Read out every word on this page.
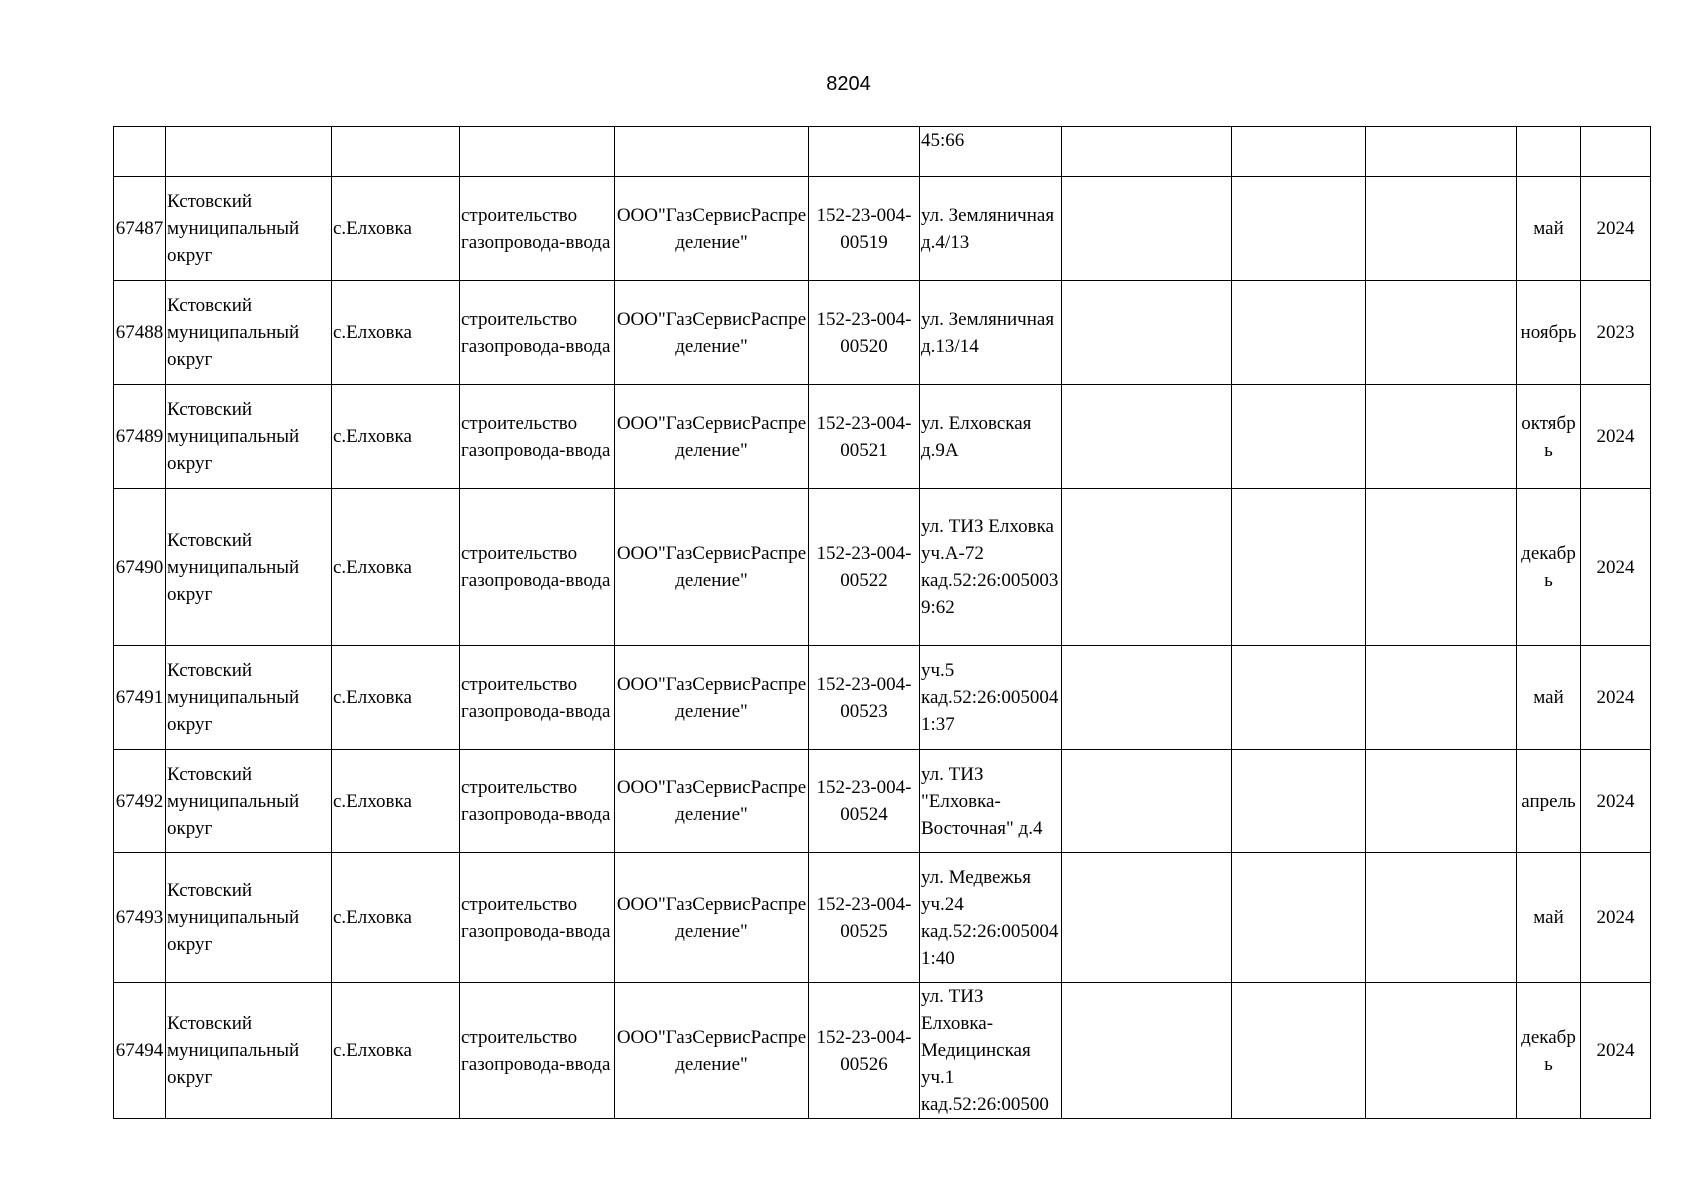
8204
						45:66					
67487	Кстовский муниципальный округ	с.Елховка	строительство газопровода-ввода	ООО"ГазСервисРаспределение"	152-23-004-00519	ул. Земляничная д.4/13				май	2024
67488	Кстовский муниципальный округ	с.Елховка	строительство газопровода-ввода	ООО"ГазСервисРаспределение"	152-23-004-00520	ул. Земляничная д.13/14				ноябрь	2023
67489	Кстовский муниципальный округ	с.Елховка	строительство газопровода-ввода	ООО"ГазСервисРаспределение"	152-23-004-00521	ул. Елховская д.9А				октябрь	2024
67490	Кстовский муниципальный округ	с.Елховка	строительство газопровода-ввода	ООО"ГазСервисРаспределение"	152-23-004-00522	ул. ТИЗ Елховка уч.А-72 кад.52:26:0050039:62				декабрь	2024
67491	Кстовский муниципальный округ	с.Елховка	строительство газопровода-ввода	ООО"ГазСервисРаспределение"	152-23-004-00523	уч.5 кад.52:26:0050041:37				май	2024
67492	Кстовский муниципальный округ	с.Елховка	строительство газопровода-ввода	ООО"ГазСервисРаспределение"	152-23-004-00524	ул. ТИЗ "Елховка-Восточная" д.4				апрель	2024
67493	Кстовский муниципальный округ	с.Елховка	строительство газопровода-ввода	ООО"ГазСервисРаспределение"	152-23-004-00525	ул. Медвежья уч.24 кад.52:26:0050041:40				май	2024
67494	Кстовский муниципальный округ	с.Елховка	строительство газопровода-ввода	ООО"ГазСервисРаспределение"	152-23-004-00526	ул. ТИЗ Елховка-Медицинская уч.1 кад.52:26:00500				декабрь	2024
